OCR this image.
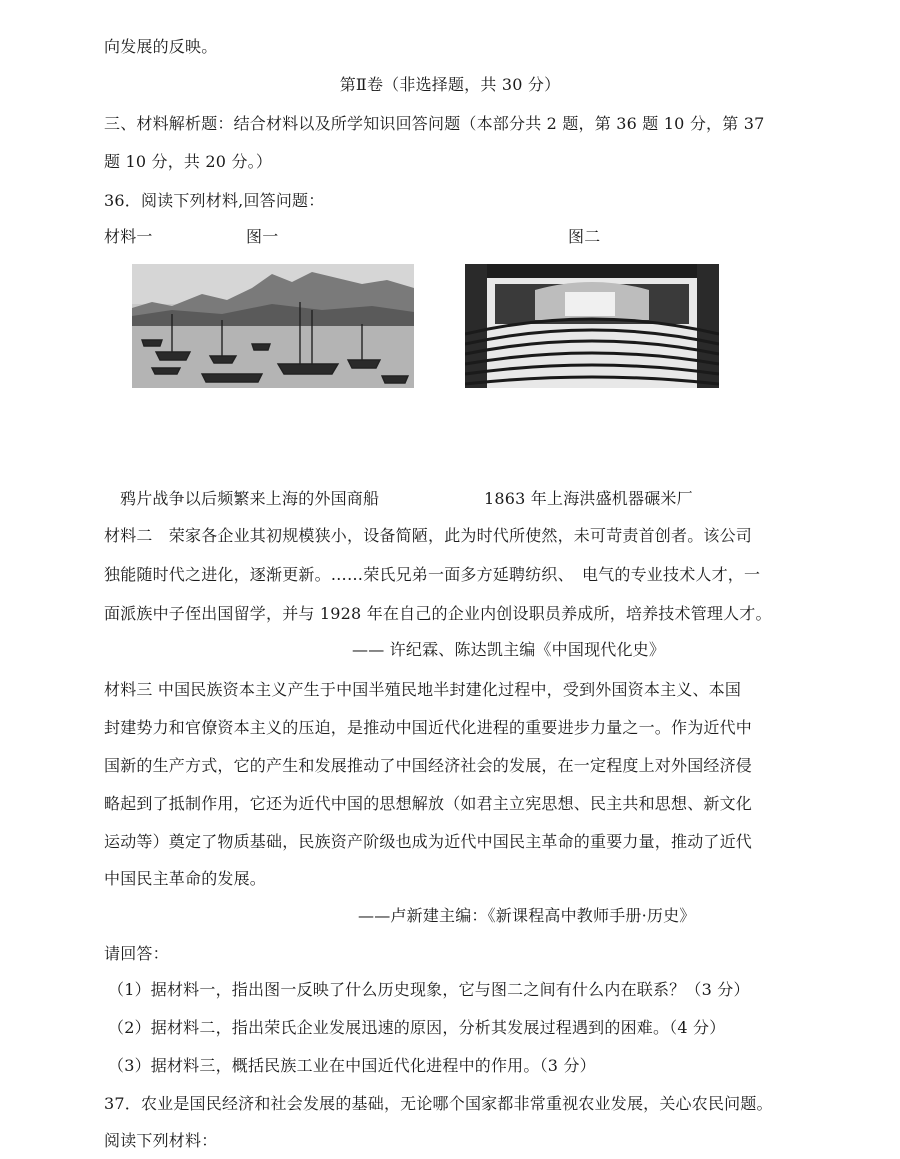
向发展的反映。
第Ⅱ卷（非选择题，共 30 分）
三、材料解析题：结合材料以及所学知识回答问题（本部分共 2 题，第 36 题 10 分，第 37
题 10 分，共 20 分。）
36．阅读下列材料,回答问题：
材料一	图一	图二
鸦片战争以后频繁来上海的外国商船	1863 年上海洪盛机器碾米厂
材料二　荣家各企业其初规模狭小，设备简陋，此为时代所使然，未可苛责首创者。该公司
独能随时代之进化，逐渐更新。……荣氏兄弟一面多方延聘纺织、　电气的专业技术人才，一
面派族中子侄出国留学，并与 1928 年在自己的企业内创设职员养成所，培养技术管理人才。
—— 许纪霖、陈达凯主编《中国现代化史》
材料三 中国民族资本主义产生于中国半殖民地半封建化过程中，受到外国资本主义、本国
封建势力和官僚资本主义的压迫，是推动中国近代化进程的重要进步力量之一。作为近代中
国新的生产方式，它的产生和发展推动了中国经济社会的发展，在一定程度上对外国经济侵
略起到了抵制作用，它还为近代中国的思想解放（如君主立宪思想、民主共和思想、新文化
运动等）奠定了物质基础，民族资产阶级也成为近代中国民主革命的重要力量，推动了近代
中国民主革命的发展。
——卢新建主编：《新课程高中教师手册·历史》
请回答：
（1）据材料一，指出图一反映了什么历史现象，它与图二之间有什么内在联系？（3 分）
（2）据材料二，指出荣氏企业发展迅速的原因，分析其发展过程遇到的困难。（4 分）
（3）据材料三，概括民族工业在中国近代化进程中的作用。（3 分）
37．农业是国民经济和社会发展的基础，无论哪个国家都非常重视农业发展，关心农民问题。
阅读下列材料：
